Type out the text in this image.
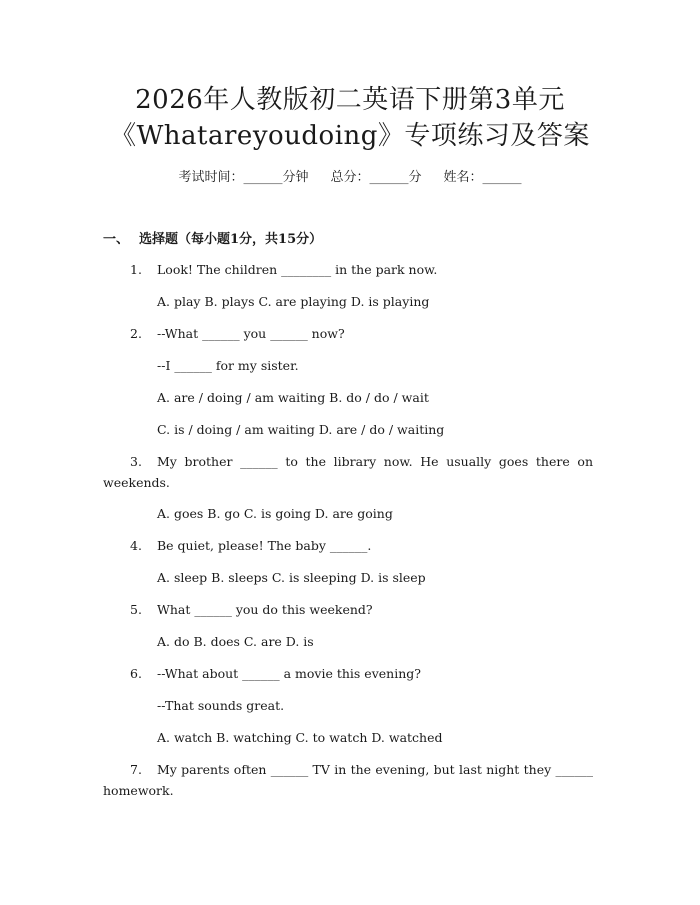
2026年人教版初二英语下册第3单元
《Whatareyoudoing》专项练习及答案
考试时间：______分钟 总分：______分 姓名：______
一、 选择题（每小题1分，共15分）
1. Look! The children ________ in the park now.
A. play B. plays C. are playing D. is playing
2. --What ______ you ______ now?
--I ______ for my sister.
A. are / doing / am waiting B. do / do / wait
C. is / doing / am waiting D. are / do / waiting
3. My brother ______ to the library now. He usually goes there on weekends.
A. goes B. go C. is going D. are going
4. Be quiet, please! The baby ______.
A. sleep B. sleeps C. is sleeping D. is sleep
5. What ______ you do this weekend?
A. do B. does C. are D. is
6. --What about ______ a movie this evening?
--That sounds great.
A. watch B. watching C. to watch D. watched
7. My parents often ______ TV in the evening, but last night they ______ homework.
